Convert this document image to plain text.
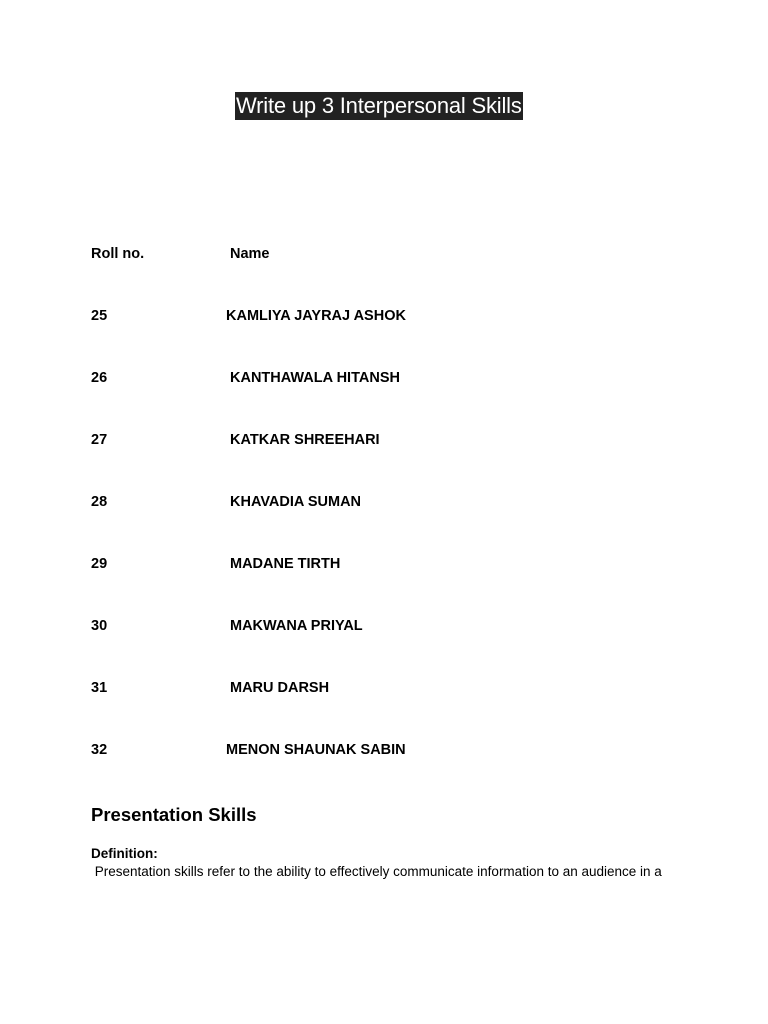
Write up 3 Interpersonal Skills
Roll no.	Name
25	KAMLIYA JAYRAJ ASHOK
26	KANTHAWALA HITANSH
27	KATKAR SHREEHARI
28	KHAVADIA SUMAN
29	MADANE TIRTH
30	MAKWANA PRIYAL
31	MARU DARSH
32	MENON SHAUNAK SABIN
Presentation Skills
Definition:
Presentation skills refer to the ability to effectively communicate information to an audience in a
